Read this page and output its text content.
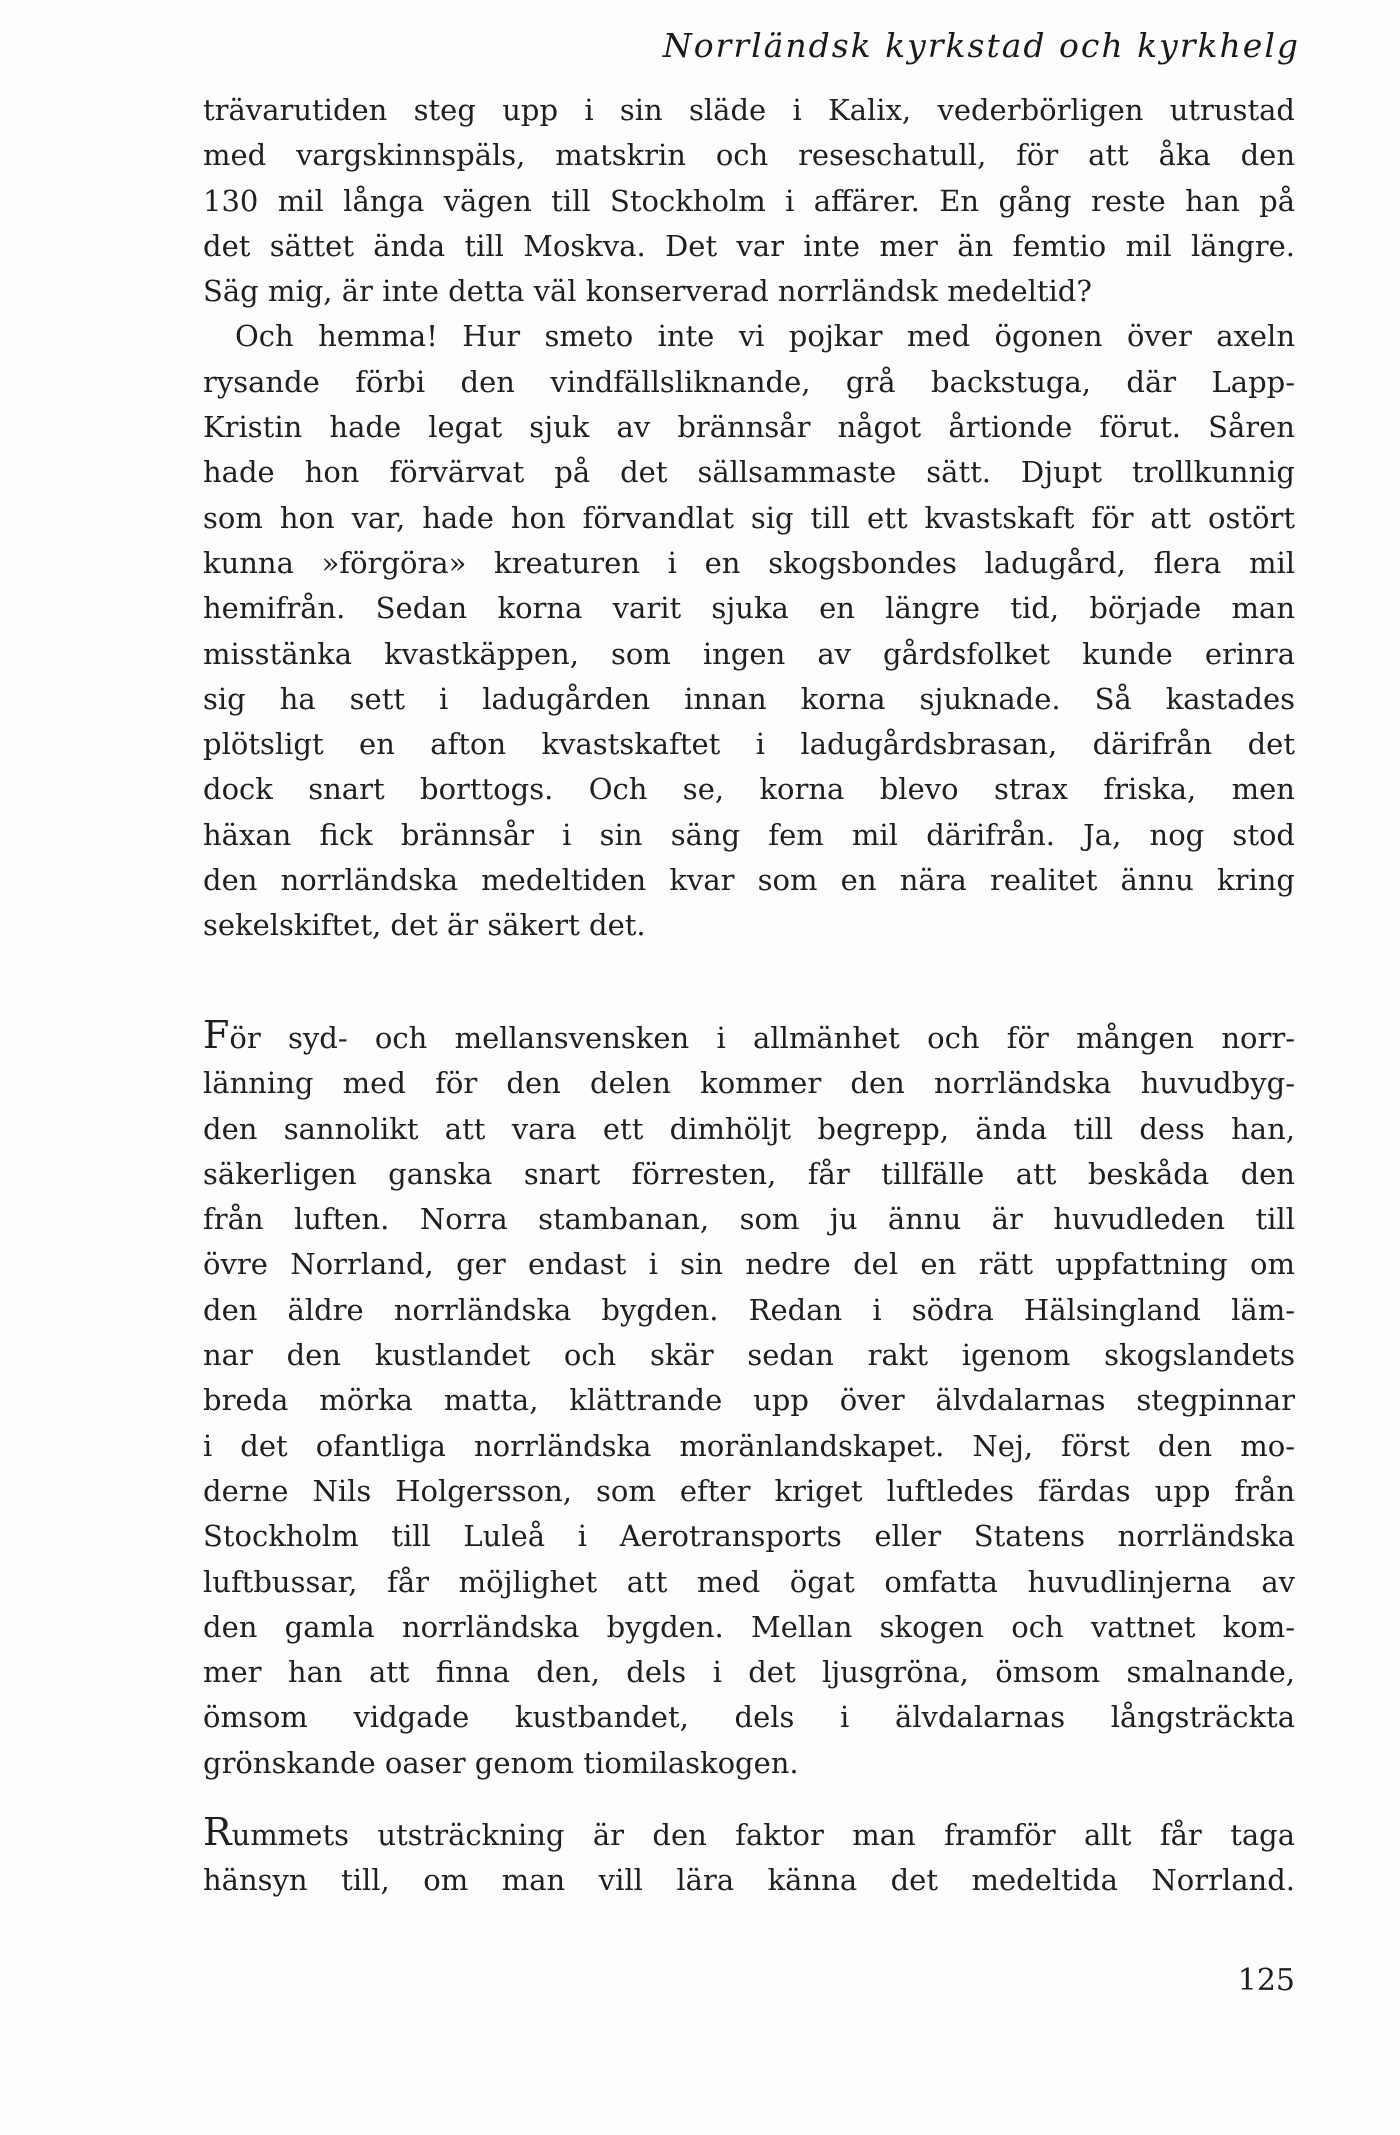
Norrländsk kyrkstad och kyrkhelg
trävarutiden steg upp i sin släde i Kalix, vederbörligen utrustad
med vargskinnspäls, matskrin och reseschatull, för att åka den
130 mil långa vägen till Stockholm i affärer. En gång reste han på
det sättet ända till Moskva. Det var inte mer än femtio mil längre.
Säg mig, är inte detta väl konserverad norrländsk medeltid?
Och hemma! Hur smeto inte vi pojkar med ögonen över axeln
rysande förbi den vindfällsliknande, grå backstuga, där Lapp-
Kristin hade legat sjuk av brännsår något årtionde förut. Såren
hade hon förvärvat på det sällsammaste sätt. Djupt trollkunnig
som hon var, hade hon förvandlat sig till ett kvastskaft för att ostört
kunna »förgöra» kreaturen i en skogsbondes ladugård, flera mil
hemifrån. Sedan korna varit sjuka en längre tid, började man
misstänka kvastkäppen, som ingen av gårdsfolket kunde erinra
sig ha sett i ladugården innan korna sjuknade. Så kastades
plötsligt en afton kvastskaftet i ladugårdsbrasan, därifrån det
dock snart borttogs. Och se, korna blevo strax friska, men
häxan fick brännsår i sin säng fem mil därifrån. Ja, nog stod
den norrländska medeltiden kvar som en nära realitet ännu kring
sekelskiftet, det är säkert det.
För syd- och mellansvensken i allmänhet och för mången norr-
länning med för den delen kommer den norrländska huvudbyg-
den sannolikt att vara ett dimhöljt begrepp, ända till dess han,
säkerligen ganska snart förresten, får tillfälle att beskåda den
från luften. Norra stambanan, som ju ännu är huvudleden till
övre Norrland, ger endast i sin nedre del en rätt uppfattning om
den äldre norrländska bygden. Redan i södra Hälsingland läm-
nar den kustlandet och skär sedan rakt igenom skogslandets
breda mörka matta, klättrande upp över älvdalarnas stegpinnar
i det ofantliga norrländska moränlandskapet. Nej, först den mo-
derne Nils Holgersson, som efter kriget luftledes färdas upp från
Stockholm till Luleå i Aerotransports eller Statens norrländska
luftbussar, får möjlighet att med ögat omfatta huvudlinjerna av
den gamla norrländska bygden. Mellan skogen och vattnet kom-
mer han att finna den, dels i det ljusgröna, ömsom smalnande,
ömsom vidgade kustbandet, dels i älvdalarnas långsträckta
grönskande oaser genom tiomilaskogen.
Rummets utsträckning är den faktor man framför allt får taga
hänsyn till, om man vill lära känna det medeltida Norrland.
125
